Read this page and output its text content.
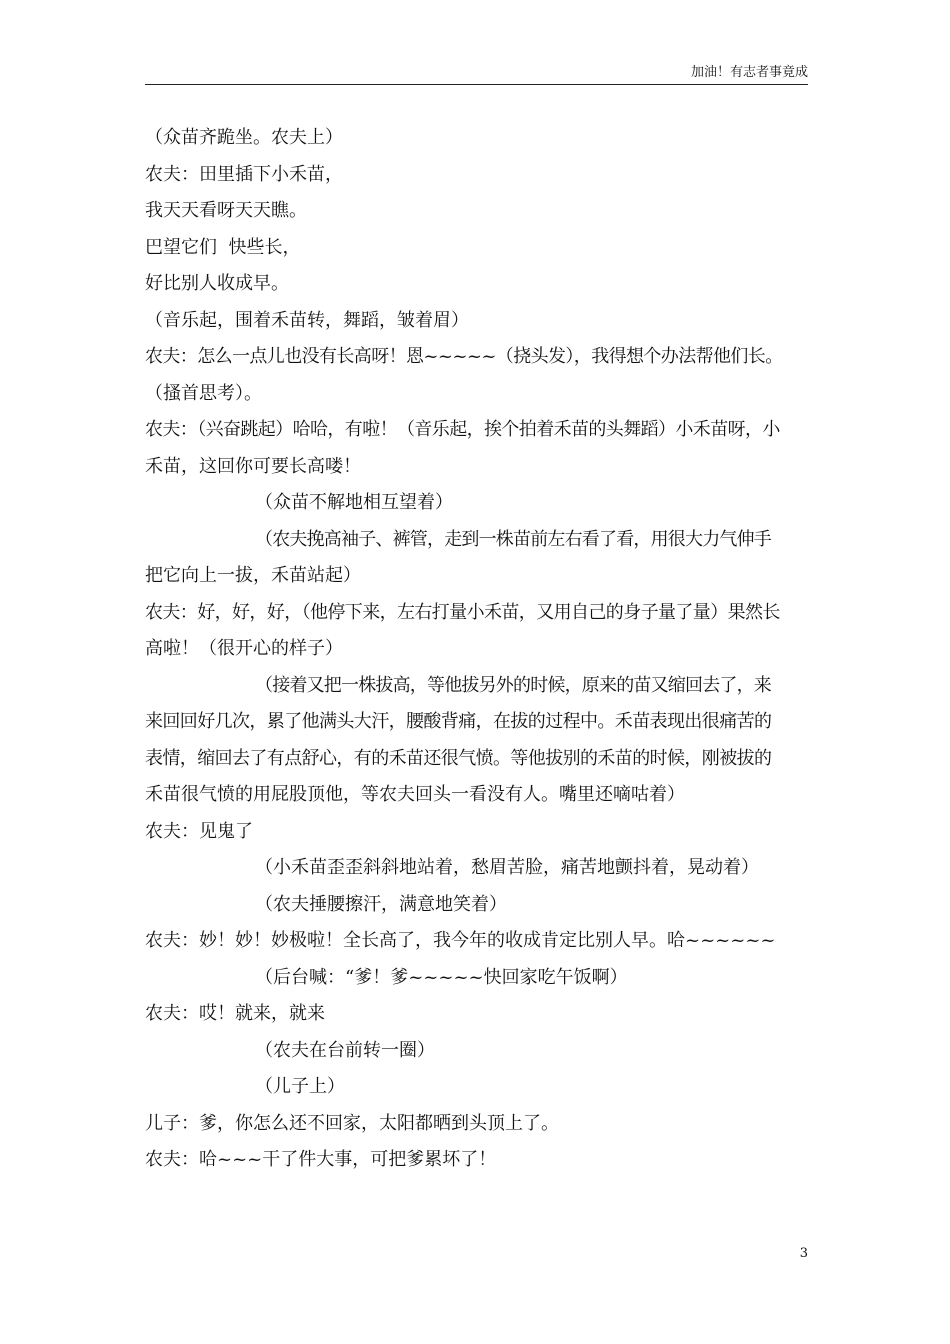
加油！有志者事竟成
（众苗齐跪坐。农夫上）
农夫：田里插下小禾苗，
我天天看呀天天瞧。
巴望它们  快些长，
好比别人收成早。
（音乐起，围着禾苗转，舞蹈，皱着眉）
农夫：怎么一点儿也没有长高呀！恩~~~~~（挠头发），我得想个办法帮他们长。
（搔首思考）。
农夫：（兴奋跳起）哈哈，有啦！（音乐起，挨个拍着禾苗的头舞蹈）小禾苗呀，小
禾苗，这回你可要长高喽！
（众苗不解地相互望着）
（农夫挽高袖子、裤管，走到一株苗前左右看了看，用很大力气伸手
把它向上一拔，禾苗站起）
农夫：好，好，好，（他停下来，左右打量小禾苗，又用自己的身子量了量）果然长
高啦！（很开心的样子）
（接着又把一株拔高，等他拔另外的时候，原来的苗又缩回去了，来
来回回好几次，累了他满头大汗，腰酸背痛，在拔的过程中。禾苗表现出很痛苦的
表情，缩回去了有点舒心，有的禾苗还很气愤。等他拔别的禾苗的时候，刚被拔的
禾苗很气愤的用屁股顶他，等农夫回头一看没有人。嘴里还嘀咕着）
农夫：见鬼了
（小禾苗歪歪斜斜地站着，愁眉苦脸，痛苦地颤抖着，晃动着）
（农夫捶腰擦汗，满意地笑着）
农夫：妙！妙！妙极啦！全长高了，我今年的收成肯定比别人早。哈~~~~~~
（后台喊：“爹！爹~~~~~快回家吃午饭啊）
农夫：哎！就来，就来
（农夫在台前转一圈）
（儿子上）
儿子：爹，你怎么还不回家，太阳都晒到头顶上了。
农夫：哈~~~干了件大事，可把爹累坏了！
3
